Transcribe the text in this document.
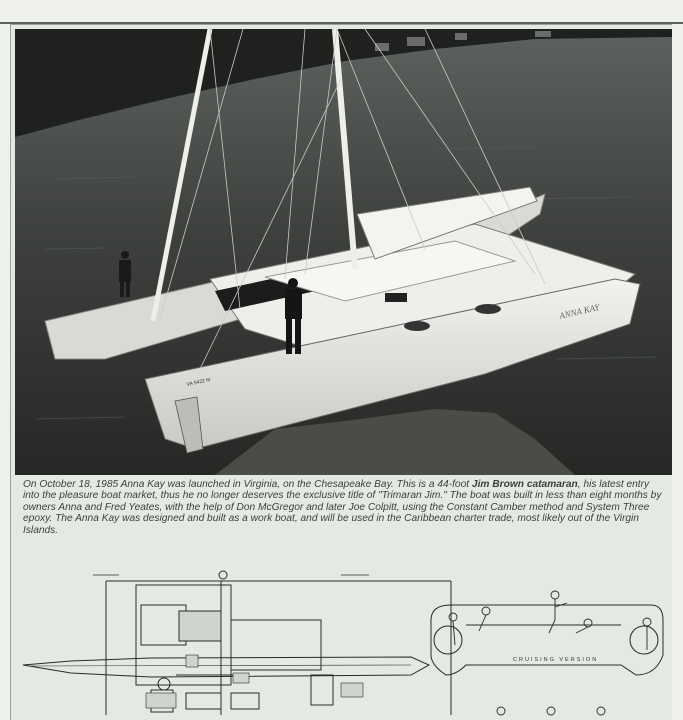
ANNA KAY
VA 5422 M

On October 18, 1985 Anna Kay was launched in Virginia, on the Chesapeake Bay. This is a 44-foot Jim Brown catamaran, his latest entry into the pleasure boat market, thus he no longer deserves the exclusive title of "Trimaran Jim." The boat was built in less than eight months by owners Anna and Fred Yeates, with the help of Don McGregor and later Joe Colpitt, using the Constant Camber method and System Three epoxy. The Anna Kay was designed and built as a work boat, and will be used in the Caribbean charter trade, most likely out of the Virgin Islands.

CRUISING VERSION
